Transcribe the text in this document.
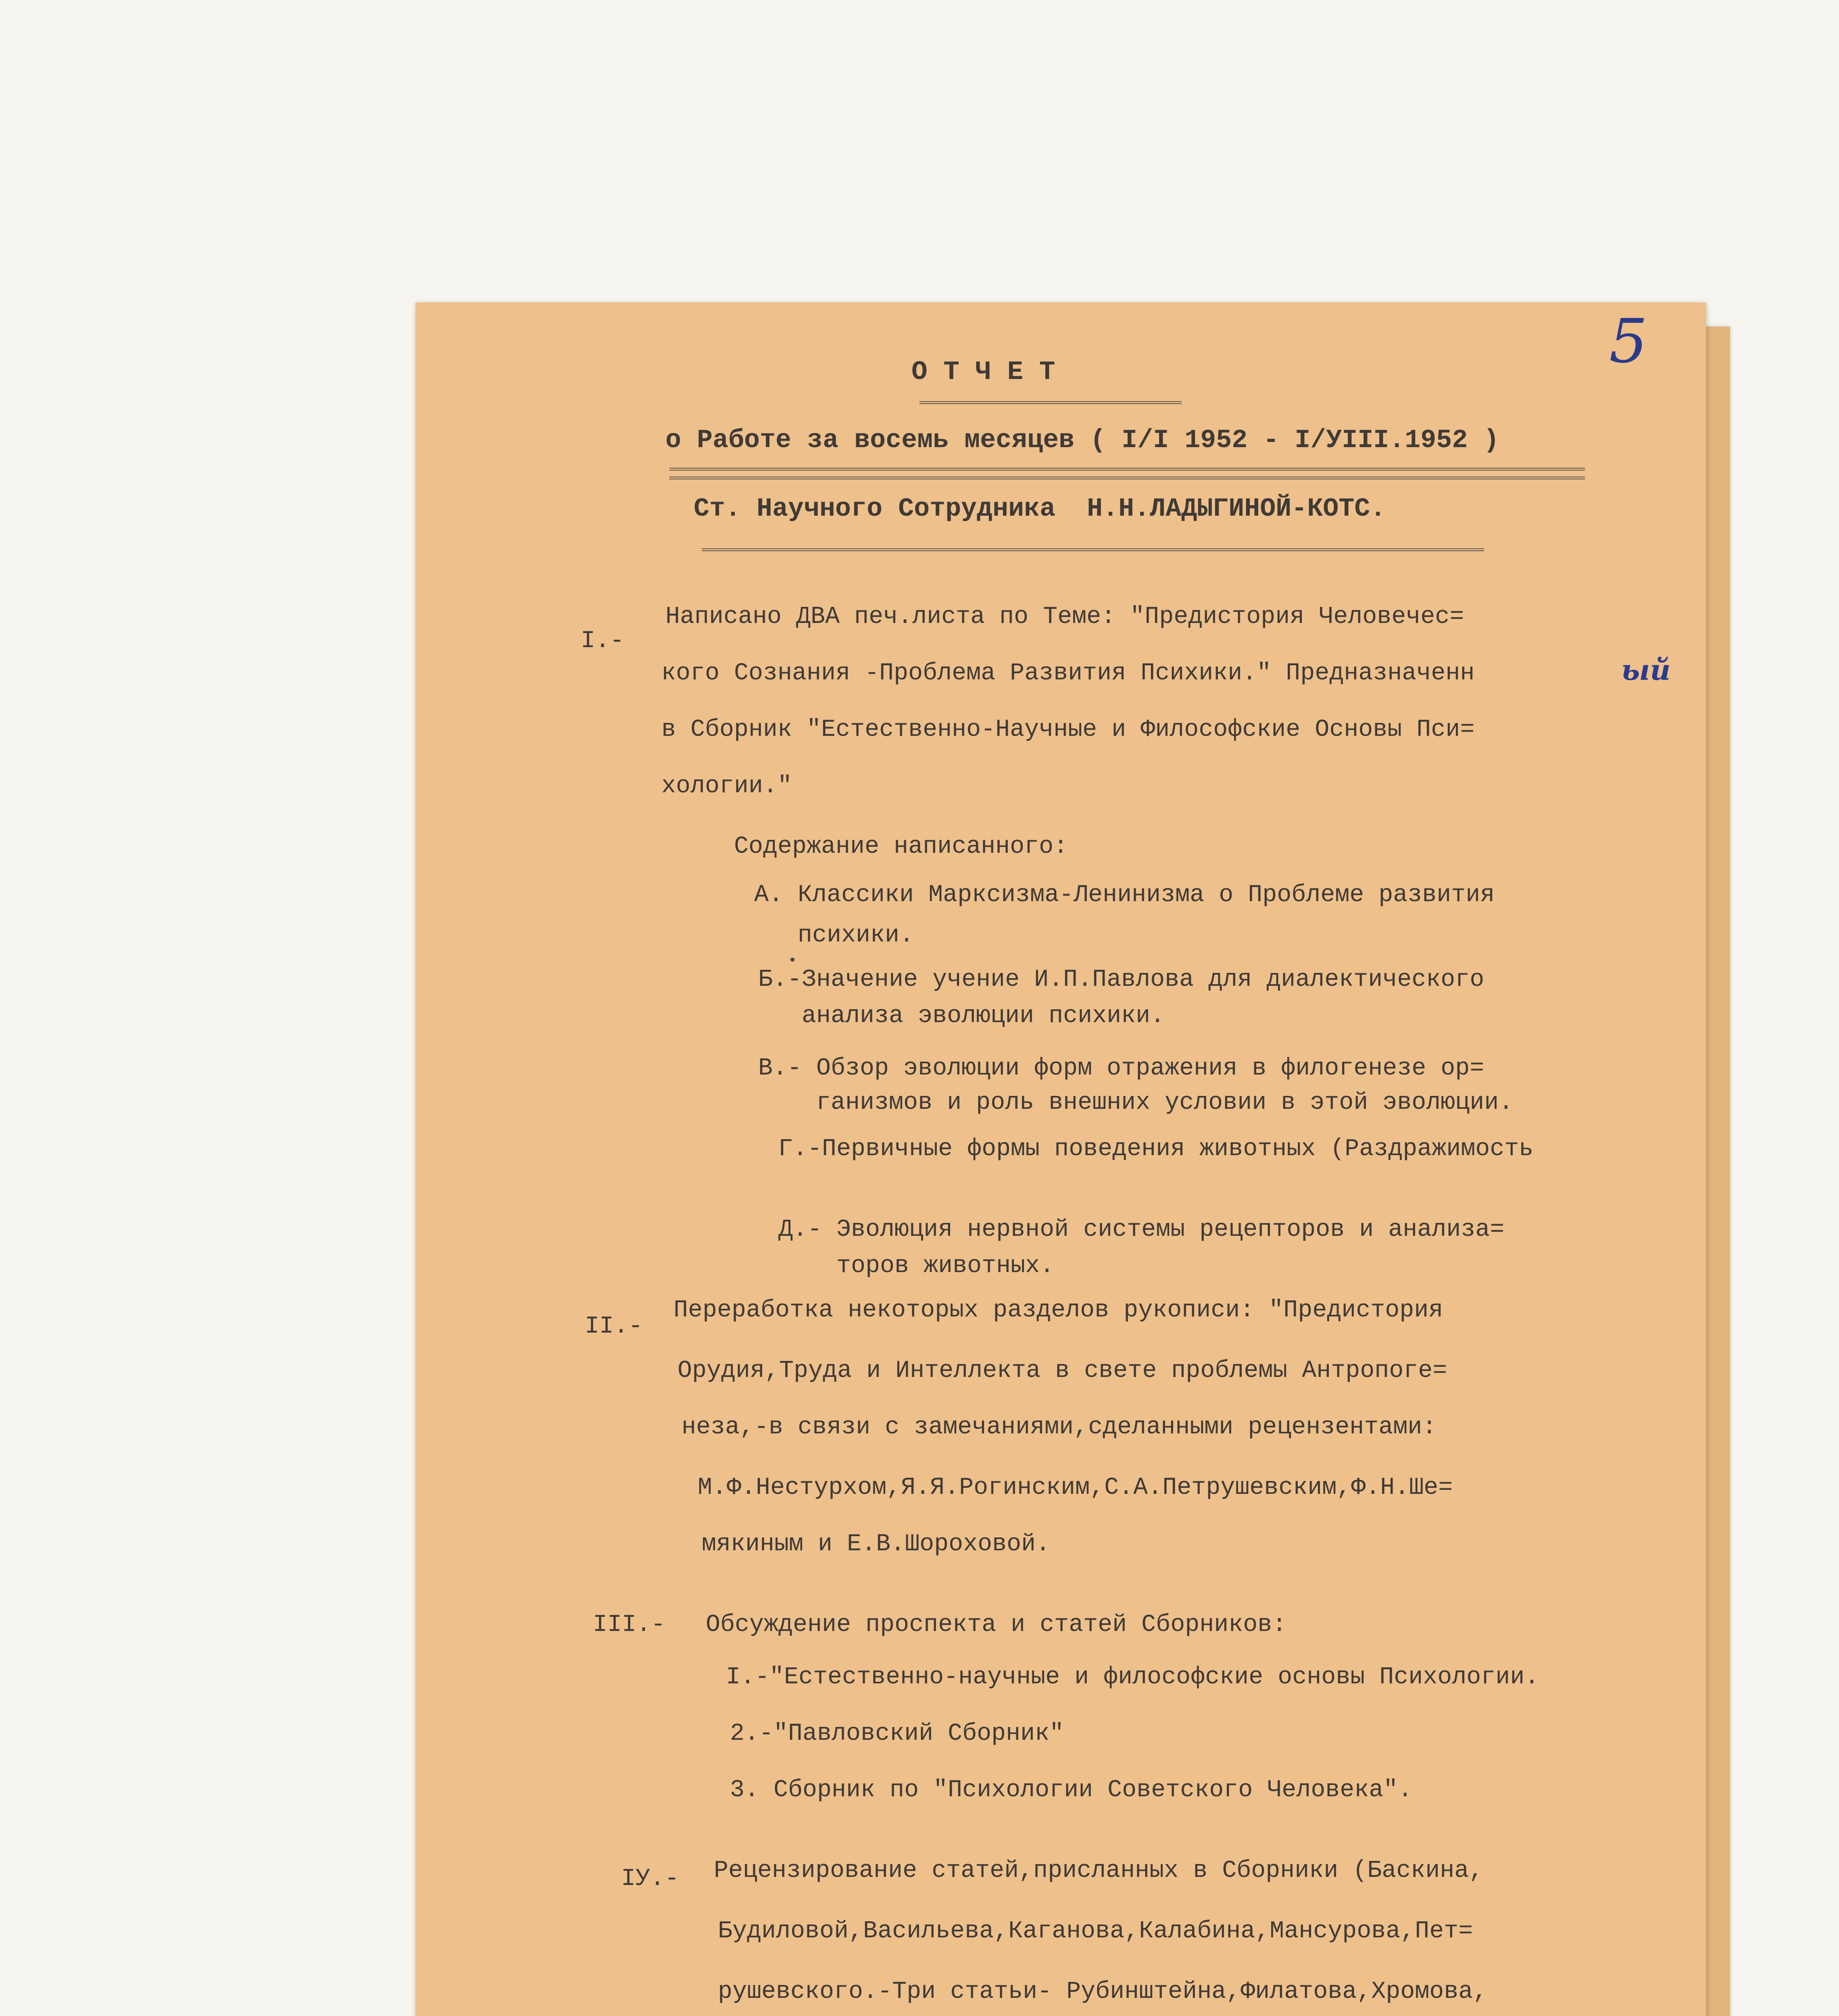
5
О Т Ч Е Т
о Работе за восемь месяцев ( I/I 1952 - I/УIII.1952 )
Ст. Научного Сотрудника  Н.Н.ЛАДЫГИНОЙ-КОТС.
I.-
Написано ДВА печ.листа по Теме: "Предистория Человечес=
кого Сознания -Проблема Развития Психики." Предназначенн	ый
в Сборник "Естественно-Научные и Философские Основы Пси=
хологии."
Содержание написанного:
А. Классики Марксизма-Ленинизма о Проблеме развития
психики.
Б.-Значение учение И.П.Павлова для диалектического
анализа эволюции психики.
В.- Обзор эволюции форм отражения в филогенезе ор=
ганизмов и роль внешних условии в этой эволюции.
Г.-Первичные формы поведения животных (Раздражимость
Д.- Эволюция нервной системы рецепторов и анализа=
торов животных.
II.-
Переработка некоторых разделов рукописи: "Предистория
Орудия,Труда и Интеллекта в свете проблемы Антропоге=
неза,-в связи с замечаниями,сделанными рецензентами:
М.Ф.Нестурхом,Я.Я.Рогинским,С.А.Петрушевским,Ф.Н.Ше=
мякиным и Е.В.Шороховой.
III.- Обсуждение проспекта и статей Сборников:
I.-"Естественно-научные и философские основы Психологии.
2.-"Павловский Сборник"
3. Сборник по "Психологии Советского Человека".
IУ.- Рецензирование статей,присланных в Сборники (Баскина,
Будиловой,Васильева,Каганова,Калабина,Мансурова,Пет=
рушевского.-Три статьи- Рубинштейна,Филатова,Хромова,
